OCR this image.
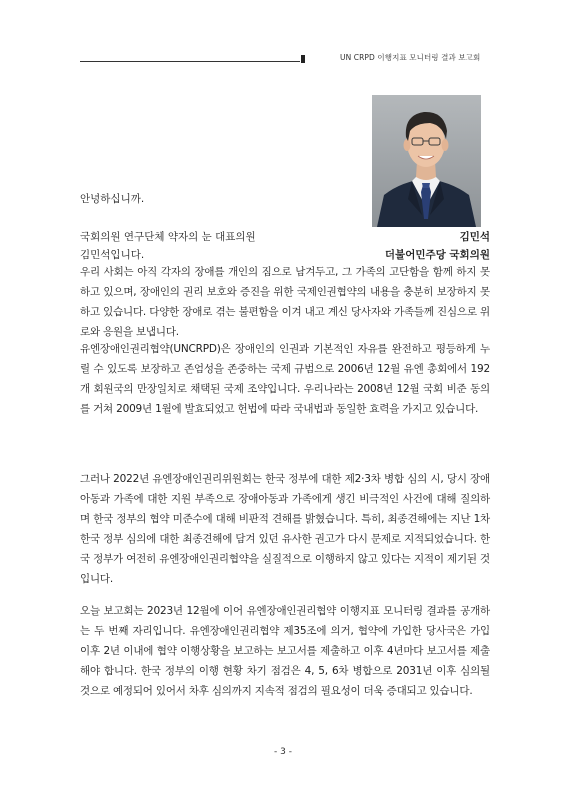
UN CRPD 이행지표 모니터링 결과 보고회
안녕하십니까.
국회의원 연구단체 약자의 눈 대표의원
김민석입니다.
김민석
더불어민주당 국회의원

우리 사회는 아직 각자의 장애를 개인의 짐으로 남겨두고, 그 가족의 고단함을 함께 하지 못하고 있으며, 장애인의 권리 보호와 증진을 위한 국제인권협약의 내용을 충분히 보장하지 못하고 있습니다. 다양한 장애로 겪는 불편함을 이겨 내고 계신 당사자와 가족들께 진심으로 위로와 응원을 보냅니다.

유엔장애인권리협약(UNCRPD)은 장애인의 인권과 기본적인 자유를 완전하고 평등하게 누릴 수 있도록 보장하고 존엄성을 존중하는 국제 규범으로 2006년 12월 유엔 총회에서 192개 회원국의 만장일치로 채택된 국제 조약입니다. 우리나라는 2008년 12월 국회 비준 동의를 거쳐 2009년 1월에 발효되었고 헌법에 따라 국내법과 동일한 효력을 가지고 있습니다.

그러나 2022년 유엔장애인권리위원회는 한국 정부에 대한 제2·3차 병합 심의 시, 당시 장애아동과 가족에 대한 지원 부족으로 장애아동과 가족에게 생긴 비극적인 사건에 대해 질의하며 한국 정부의 협약 미준수에 대해 비판적 견해를 밝혔습니다. 특히, 최종견해에는 지난 1차 한국 정부 심의에 대한 최종견해에 담겨 있던 유사한 권고가 다시 문제로 지적되었습니다. 한국 정부가 여전히 유엔장애인권리협약을 실질적으로 이행하지 않고 있다는 지적이 제기된 것입니다.

오늘 보고회는 2023년 12월에 이어 유엔장애인권리협약 이행지표 모니터링 결과를 공개하는 두 번째 자리입니다. 유엔장애인권리협약 제35조에 의거, 협약에 가입한 당사국은 가입 이후 2년 이내에 협약 이행상황을 보고하는 보고서를 제출하고 이후 4년마다 보고서를 제출해야 합니다. 한국 정부의 이행 현황 차기 점검은 4, 5, 6차 병합으로 2031년 이후 심의될 것으로 예정되어 있어서 차후 심의까지 지속적 점검의 필요성이 더욱 증대되고 있습니다.

- 3 -
